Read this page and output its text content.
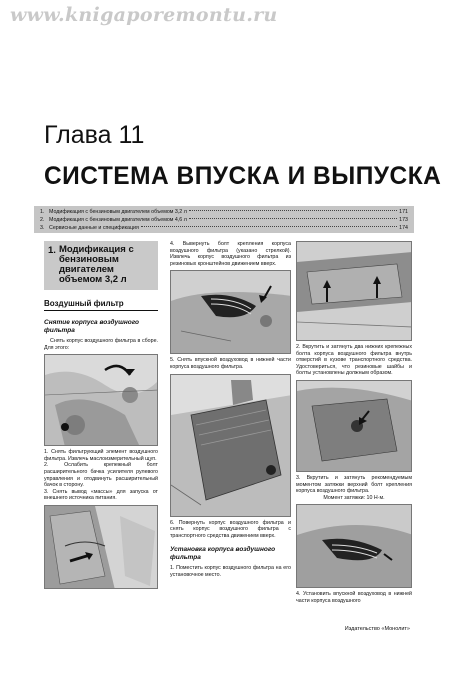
www.knigaporemontu.ru
Глава 11
СИСТЕМА ВПУСКА И ВЫПУСКА
1. Модификация с бензиновым двигателем объемом 3,2 л	171
2. Модификация с бензиновым двигателем объемом 4,6 л	173
3. Сервисные данные и спецификация	174
1. Модификация с бензиновым двигателем объемом 3,2 л
Воздушный фильтр
Снятие корпуса воздушного фильтра
Снять корпус воздушного фильтра в сборе. Для этого:
1. Снять фильтрующий элемент воздушного фильтра. Извлечь маслоизмерительный щуп.
2. Ослабить крепежный болт расширительного бачка усилителя рулевого управления и отодвинуть расширительный бачок в сторону.
3. Снять вывод «массы» для запуска от внешнего источника питания.
4. Вывернуть болт крепления корпуса воздушного фильтра (указано стрелкой). Извлечь корпус воздушного фильтра из резиновых кронштейнов движением вверх.
5. Снять впускной воздуховод в нижней части корпуса воздушного фильтра.
6. Повернуть корпус воздушного фильтра и снять корпус воздушного фильтра с транспортного средства движением вверх.
Установка корпуса воздушного фильтра
1. Поместить корпус воздушного фильтра на его установочное место.
2. Вкрутить и затянуть два нижних крепежных болта корпуса воздушного фильтра внутрь отверстий в кузове транспортного средства. Удостовериться, что резиновые шайбы и болты установлены должным образом.
3. Вкрутить и затянуть рекомендуемым моментом затяжки верхний болт крепления корпуса воздушного фильтра.
Момент затяжки: 10 Н·м.
4. Установить впускной воздуховод в нижней части корпуса воздушного
Издательство «Монолит»
